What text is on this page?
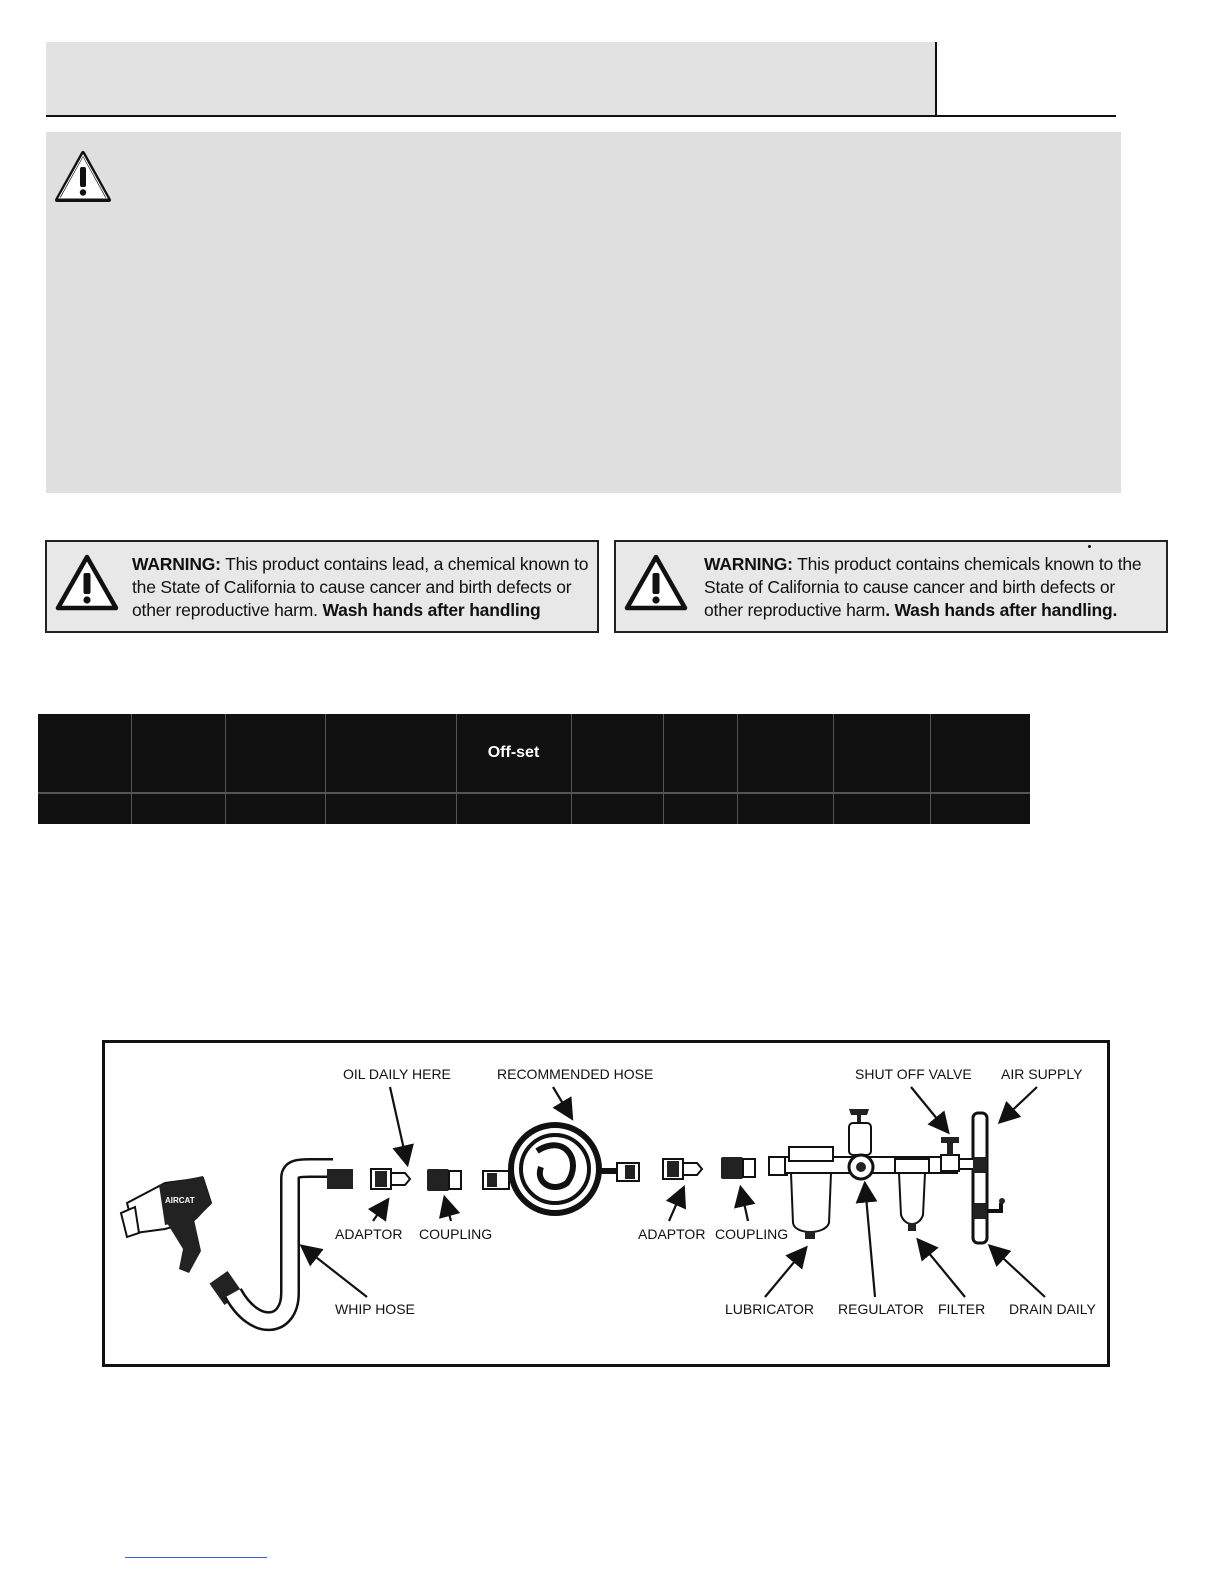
WARNING: This product contains lead, a chemical known to the State of California to cause cancer and birth defects or other reproductive harm. Wash hands after handling
WARNING: This product contains chemicals known to the State of California to cause cancer and birth defects or other reproductive harm. Wash hands after handling.
				Off-set					

AIRCAT
OIL DAILY HERE	RECOMMENDED HOSE	SHUT OFF VALVE AIR SUPPLY
ADAPTOR COUPLING	ADAPTOR COUPLING
WHIP HOSE	LUBRICATOR REGULATOR FILTER DRAIN DAILY
